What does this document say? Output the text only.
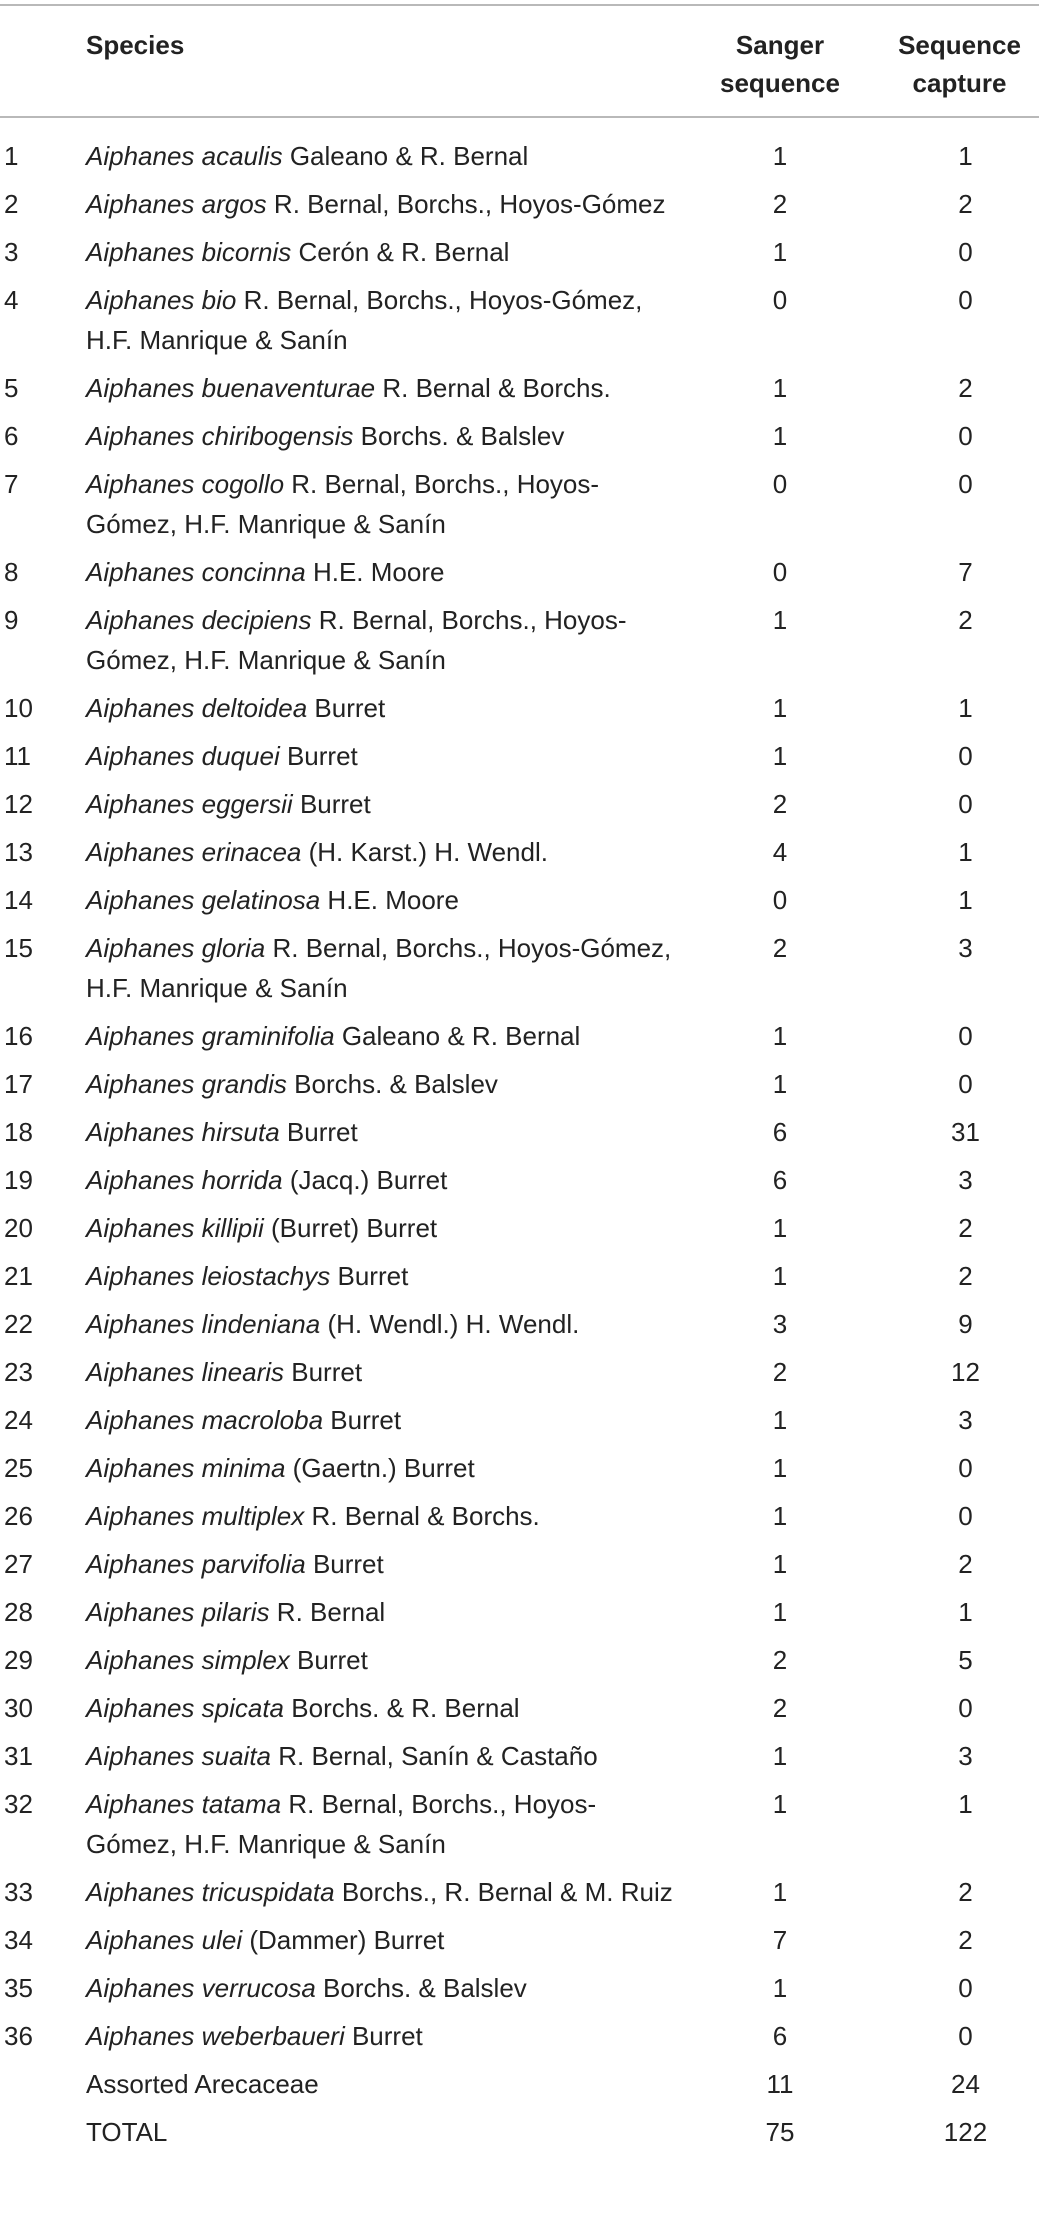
	Species	Sanger sequence	Sequence capture
1	Aiphanes acaulis Galeano & R. Bernal	1	1
2	Aiphanes argos R. Bernal, Borchs., Hoyos-Gómez	2	2
3	Aiphanes bicornis Cerón & R. Bernal	1	0
4	Aiphanes bio R. Bernal, Borchs., Hoyos-Gómez, H.F. Manrique & Sanín	0	0
5	Aiphanes buenaventurae R. Bernal & Borchs.	1	2
6	Aiphanes chiribogensis Borchs. & Balslev	1	0
7	Aiphanes cogollo R. Bernal, Borchs., Hoyos-Gómez, H.F. Manrique & Sanín	0	0
8	Aiphanes concinna H.E. Moore	0	7
9	Aiphanes decipiens R. Bernal, Borchs., Hoyos-Gómez, H.F. Manrique & Sanín	1	2
10	Aiphanes deltoidea Burret	1	1
11	Aiphanes duquei Burret	1	0
12	Aiphanes eggersii Burret	2	0
13	Aiphanes erinacea (H. Karst.) H. Wendl.	4	1
14	Aiphanes gelatinosa H.E. Moore	0	1
15	Aiphanes gloria R. Bernal, Borchs., Hoyos-Gómez, H.F. Manrique & Sanín	2	3
16	Aiphanes graminifolia Galeano & R. Bernal	1	0
17	Aiphanes grandis Borchs. & Balslev	1	0
18	Aiphanes hirsuta Burret	6	31
19	Aiphanes horrida (Jacq.) Burret	6	3
20	Aiphanes killipii (Burret) Burret	1	2
21	Aiphanes leiostachys Burret	1	2
22	Aiphanes lindeniana (H. Wendl.) H. Wendl.	3	9
23	Aiphanes linearis Burret	2	12
24	Aiphanes macroloba Burret	1	3
25	Aiphanes minima (Gaertn.) Burret	1	0
26	Aiphanes multiplex R. Bernal & Borchs.	1	0
27	Aiphanes parvifolia Burret	1	2
28	Aiphanes pilaris R. Bernal	1	1
29	Aiphanes simplex Burret	2	5
30	Aiphanes spicata Borchs. & R. Bernal	2	0
31	Aiphanes suaita R. Bernal, Sanín & Castaño	1	3
32	Aiphanes tatama R. Bernal, Borchs., Hoyos-Gómez, H.F. Manrique & Sanín	1	1
33	Aiphanes tricuspidata Borchs., R. Bernal & M. Ruiz	1	2
34	Aiphanes ulei (Dammer) Burret	7	2
35	Aiphanes verrucosa Borchs. & Balslev	1	0
36	Aiphanes weberbaueri Burret	6	0
	Assorted Arecaceae	11	24
	TOTAL	75	122
